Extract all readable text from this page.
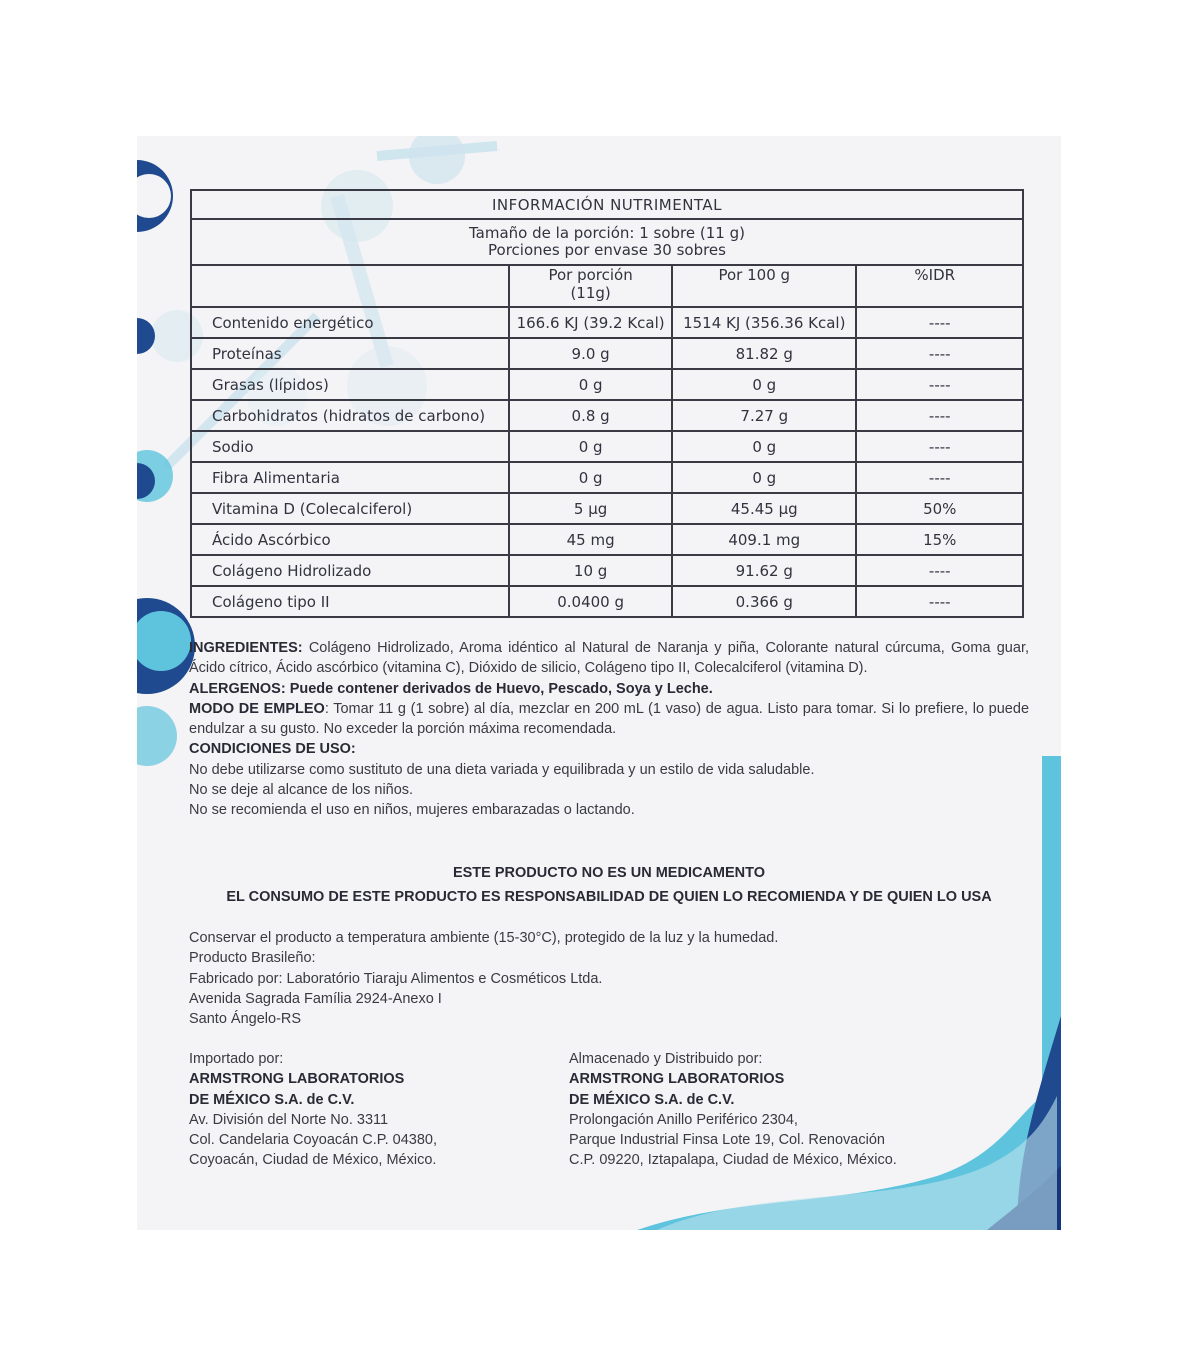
INFORMACIÓN NUTRIMENTAL			

Tamaño de la porción: 1 sobre (11 g)
Porciones por envase 30 sobres			

	Por porción (11g)	Por 100 g	%IDR
Contenido energético	166.6 KJ (39.2 Kcal)	1514 KJ (356.36 Kcal)	----
Proteínas	9.0 g	81.82 g	----
Grasas (lípidos)	0 g	0 g	----
Carbohidratos (hidratos de carbono)	0.8 g	7.27 g	----
Sodio	0 g	0 g	----
Fibra Alimentaria	0 g	0 g	----
Vitamina D (Colecalciferol)	5 µg	45.45 µg	50%
Ácido Ascórbico	45 mg	409.1 mg	15%
Colágeno Hidrolizado	10 g	91.62 g	----
Colágeno tipo II	0.0400 g	0.366 g	----

INGREDIENTES: Colágeno Hidrolizado, Aroma idéntico al Natural de Naranja y piña, Colorante natural cúrcuma, Goma guar, Ácido cítrico, Ácido ascórbico (vitamina C), Dióxido de silicio, Colágeno tipo II, Colecalciferol (vitamina D).

ALERGENOS: Puede contener derivados de Huevo, Pescado, Soya y Leche.

MODO DE EMPLEO: Tomar 11 g (1 sobre) al día, mezclar en 200 mL (1 vaso) de agua. Listo para tomar. Si lo prefiere, lo puede endulzar a su gusto. No exceder la porción máxima recomendada.

CONDICIONES DE USO:

No debe utilizarse como sustituto de una dieta variada y equilibrada y un estilo de vida saludable.

No se deje al alcance de los niños.

No se recomienda el uso en niños, mujeres embarazadas o lactando.

ESTE PRODUCTO NO ES UN MEDICAMENTO
EL CONSUMO DE ESTE PRODUCTO ES RESPONSABILIDAD DE QUIEN LO RECOMIENDA Y DE QUIEN LO USA

Conservar el producto a temperatura ambiente (15-30°C), protegido de la luz y la humedad.

Producto Brasileño:

Fabricado por: Laboratório Tiaraju Alimentos e Cosméticos Ltda.

Avenida Sagrada Família 2924-Anexo I

Santo Ángelo-RS

Importado por:

ARMSTRONG LABORATORIOS

DE MÉXICO S.A. de C.V.

Av. División del Norte No. 3311

Col. Candelaria Coyoacán C.P. 04380,

Coyoacán, Ciudad de México, México.

Almacenado y Distribuido por:

ARMSTRONG LABORATORIOS

DE MÉXICO S.A. de C.V.

Prolongación Anillo Periférico 2304,

Parque Industrial Finsa Lote 19, Col. Renovación

C.P. 09220, Iztapalapa, Ciudad de México, México.
